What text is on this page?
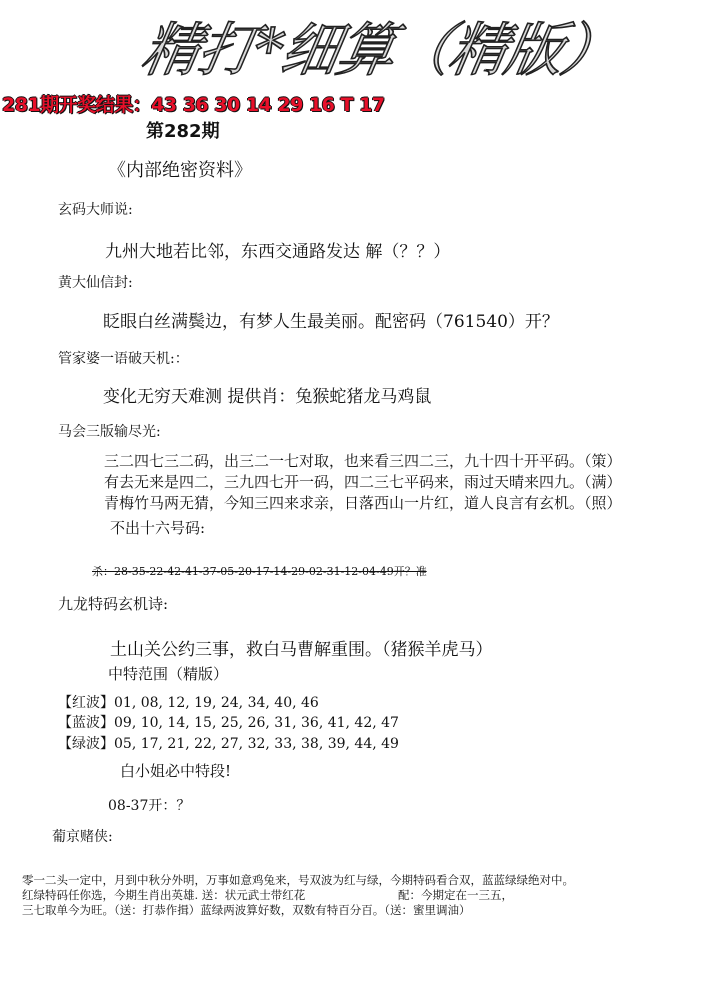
精打*细算（精版）
281期开奖结果：43 36 30 14 29 16 T 17
第282期
《内部绝密资料》
玄码大师说:
九州大地若比邻，东西交通路发达 解（？？）
黄大仙信封:
眨眼白丝满鬓边，有梦人生最美丽。配密码（761540）开？
管家婆一语破天机:：
变化无穷天难测 提供肖：兔猴蛇猪龙马鸡鼠
马会三版输尽光:
三二四七三二码，出三二一七对取，也来看三四二三，九十四十开平码。（策）
有去无来是四二，三九四七开一码，四二三七平码来，雨过天晴来四九。（满）
青梅竹马两无猜，今知三四来求亲，日落西山一片红，道人良言有玄机。（照）
不出十六号码:
杀：28-35-22-42-41-37-05-20-17-14-29-02-31-12-04-49开？准
九龙特码玄机诗:
土山关公约三事，救白马曹解重围。（猪猴羊虎马）
中特范围（精版）
【红波】01, 08, 12, 19, 24, 34, 40, 46
【蓝波】09, 10, 14, 15, 25, 26, 31, 36, 41, 42, 47
【绿波】05, 17, 21, 22, 27, 32, 33, 38, 39, 44, 49
白小姐必中特段!
08-37开：？
葡京赌侠:
零一二头一定中，月到中秋分外明，万事如意鸡兔来，号双波为红与绿，今期特码看合双，蓝蓝绿绿绝对中。
红绿特码任你选，今期生肖出英雄. 送：状元武士带红花	配：今期定在一三五，
三七取单今为旺。（送：打恭作揖）蓝绿两波算好数，双数有特百分百。（送：蜜里调油）
